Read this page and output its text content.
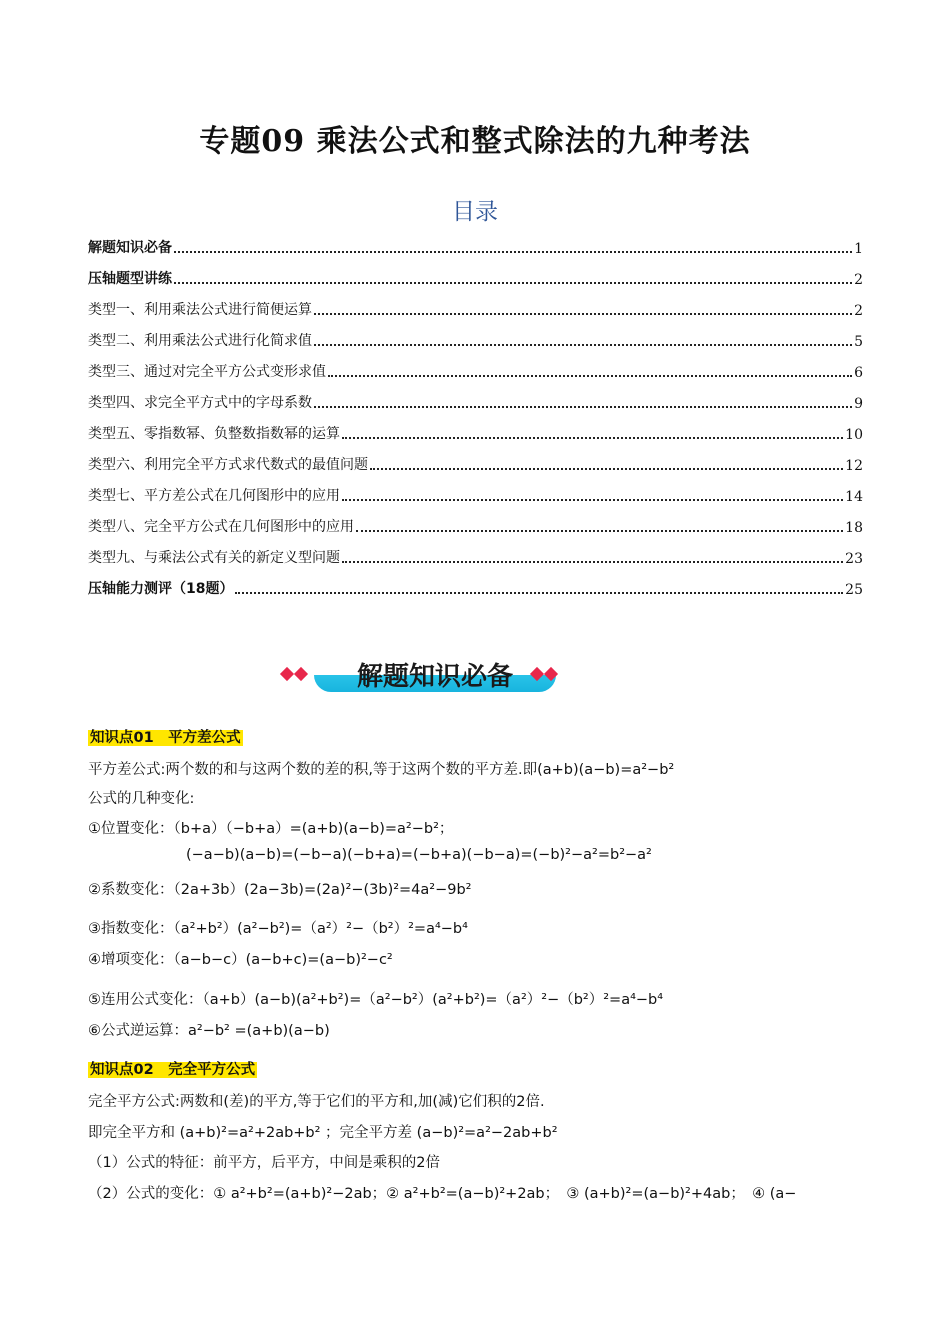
专题09 乘法公式和整式除法的九种考法
目录
解题知识必备	1
压轴题型讲练	2
类型一、利用乘法公式进行简便运算	2
类型二、利用乘法公式进行化简求值	5
类型三、通过对完全平方公式变形求值	6
类型四、求完全平方式中的字母系数	9
类型五、零指数幂、负整数指数幂的运算	10
类型六、利用完全平方式求代数式的最值问题	12
类型七、平方差公式在几何图形中的应用	14
类型八、完全平方公式在几何图形中的应用	18
类型九、与乘法公式有关的新定义型问题	23
压轴能力测评（18题）	25
解题知识必备
知识点01　平方差公式
平方差公式:两个数的和与这两个数的差的积,等于这两个数的平方差.即(a+b)(a−b)=a²−b²
公式的几种变化:
①位置变化：（b+a）（−b+a）=(a+b)(a−b)=a²−b²；
(−a−b)(a−b)=(−b−a)(−b+a)=(−b+a)(−b−a)=(−b)²−a²=b²−a²
②系数变化：（2a+3b）(2a−3b)=(2a)²−(3b)²=4a²−9b²
③指数变化：（a²+b²）(a²−b²)=（a²）²−（b²）²=a⁴−b⁴
④增项变化：（a−b−c）(a−b+c)=(a−b)²−c²
⑤连用公式变化：（a+b）(a−b)(a²+b²)=（a²−b²）(a²+b²)=（a²）²−（b²）²=a⁴−b⁴
⑥公式逆运算：a²−b² =(a+b)(a−b)
知识点02　完全平方公式
完全平方公式:两数和(差)的平方,等于它们的平方和,加(减)它们积的2倍.
即完全平方和 (a+b)²=a²+2ab+b² ；完全平方差 (a−b)²=a²−2ab+b²
（1）公式的特征：前平方，后平方，中间是乘积的2倍
（2）公式的变化：① a²+b²=(a+b)²−2ab；② a²+b²=(a−b)²+2ab；　③ (a+b)²=(a−b)²+4ab；　④ (a−
